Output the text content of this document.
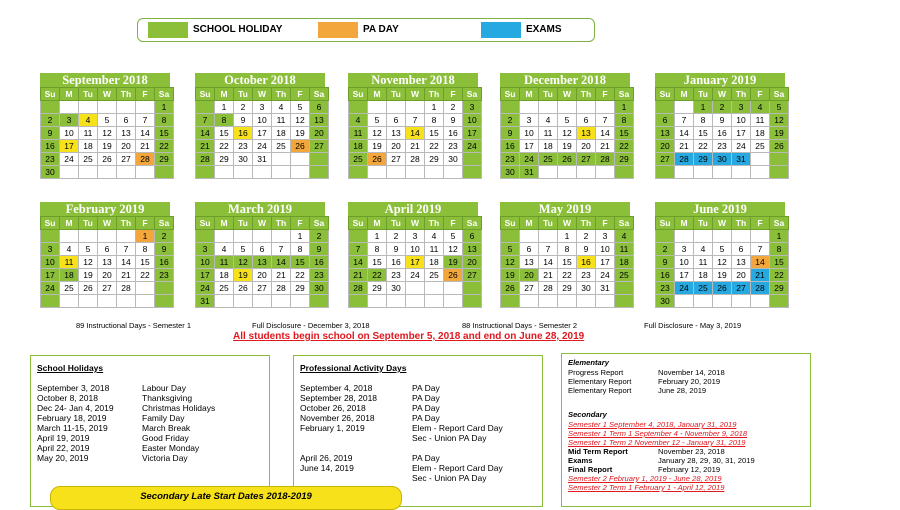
SCHOOL HOLIDAY	PA DAY	EXAMS
September 2018
Su	M	Tu	W	Th	F	Sa
						1
2	3	4	5	6	7	8
9	10	11	12	13	14	15
16	17	18	19	20	21	22
23	24	25	26	27	28	29
30						
October 2018
Su	M	Tu	W	Th	F	Sa
	1	2	3	4	5	6
7	8	9	10	11	12	13
14	15	16	17	18	19	20
21	22	23	24	25	26	27
28	29	30	31			

November 2018
Su	M	Tu	W	Th	F	Sa
				1	2	3
4	5	6	7	8	9	10
11	12	13	14	15	16	17
18	19	20	21	22	23	24
25	26	27	28	29	30	

December 2018
Su	M	Tu	W	Th	F	Sa
						1
2	3	4	5	6	7	8
9	10	11	12	13	14	15
16	17	18	19	20	21	22
23	24	25	26	27	28	29
30	31					
January 2019
Su	M	Tu	W	Th	F	Sa
		1	2	3	4	5
6	7	8	9	10	11	12
13	14	15	16	17	18	19
20	21	22	23	24	25	26
27	28	29	30	31		

February 2019
Su	M	Tu	W	Th	F	Sa
					1	2
3	4	5	6	7	8	9
10	11	12	13	14	15	16
17	18	19	20	21	22	23
24	25	26	27	28		

March 2019
Su	M	Tu	W	Th	F	Sa
					1	2
3	4	5	6	7	8	9
10	11	12	13	14	15	16
17	18	19	20	21	22	23
24	25	26	27	28	29	30
31						
April 2019
Su	M	Tu	W	Th	F	Sa
	1	2	3	4	5	6
7	8	9	10	11	12	13
14	15	16	17	18	19	20
21	22	23	24	25	26	27
28	29	30				

May 2019
Su	M	Tu	W	Th	F	Sa
			1	2	3	4
5	6	7	8	9	10	11
12	13	14	15	16	17	18
19	20	21	22	23	24	25
26	27	28	29	30	31	

June 2019
Su	M	Tu	W	Th	F	Sa
						1
2	3	4	5	6	7	8
9	10	11	12	13	14	15
16	17	18	19	20	21	22
23	24	25	26	27	28	29
30						
89 Instructional Days - Semester 1	Full Disclosure - December 3, 2018	88 Instructional Days - Semester 2	Full Disclosure - May 3, 2019
All students begin school on September 5, 2018 and end on June 28, 2019
School Holidays
September 3, 2018	Labour Day
October 8, 2018	Thanksgiving
Dec 24- Jan 4, 2019	Christmas Holidays
February 18, 2019	Family Day
March 11-15, 2019	March Break
April 19, 2019	Good Friday
April 22, 2019	Easter Monday
May 20, 2019	Victoria Day
Professional Activity Days
September 4, 2018	PA Day
September 28, 2018	PA Day
October 26, 2018	PA Day
November 26, 2018	PA Day
February 1, 2019	Elem - Report Card Day
Sec - Union PA Day
April 26, 2019	PA Day
June 14, 2019	Elem - Report Card Day
Sec - Union PA Day
Secondary Late Start Dates 2018-2019
Elementary
Progress Report	November 14, 2018
Elementary Report	February 20, 2019
Elementary Report	June 28, 2019
Secondary
Semester 1 September 4, 2018, January 31, 2019
Semester 1 Term 1 September 4 - November 9, 2018
Semester 1 Term 2 November 12 - January 31, 2019
Mid Term Report	November 23, 2018
Exams	January 28, 29, 30, 31, 2019
Final Report	February 12, 2019
Semester 2 February 1, 2019 - June 28, 2019
Semester 2 Term 1 February 1 - April 12, 2019
